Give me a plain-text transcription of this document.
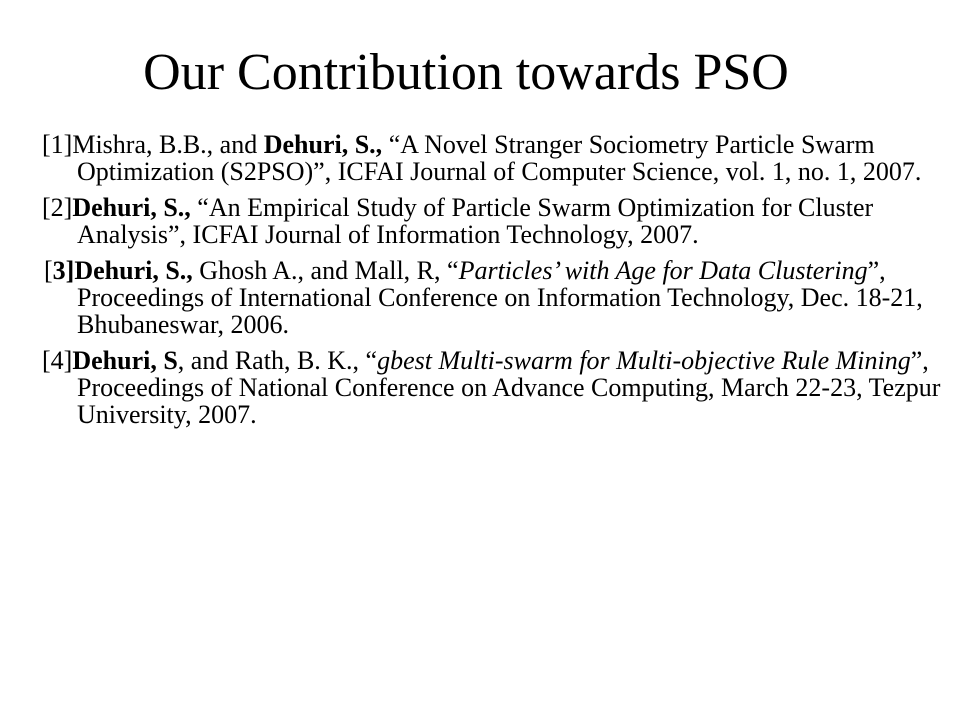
Our Contribution towards PSO
[1]Mishra, B.B., and Dehuri, S., “A Novel Stranger Sociometry Particle Swarm Optimization (S2PSO)”, ICFAI Journal of Computer Science, vol. 1, no. 1, 2007.
[2]Dehuri, S., “An Empirical Study of Particle Swarm Optimization for Cluster Analysis”, ICFAI Journal of Information Technology, 2007.
[3]Dehuri, S., Ghosh A., and Mall, R, “Particles’ with Age for Data Clustering”, Proceedings of International Conference on Information Technology, Dec. 18-21, Bhubaneswar, 2006.
[4]Dehuri, S, and Rath, B. K., “gbest Multi-swarm for Multi-objective Rule Mining”, Proceedings of National Conference on Advance Computing, March 22-23, Tezpur University, 2007.
